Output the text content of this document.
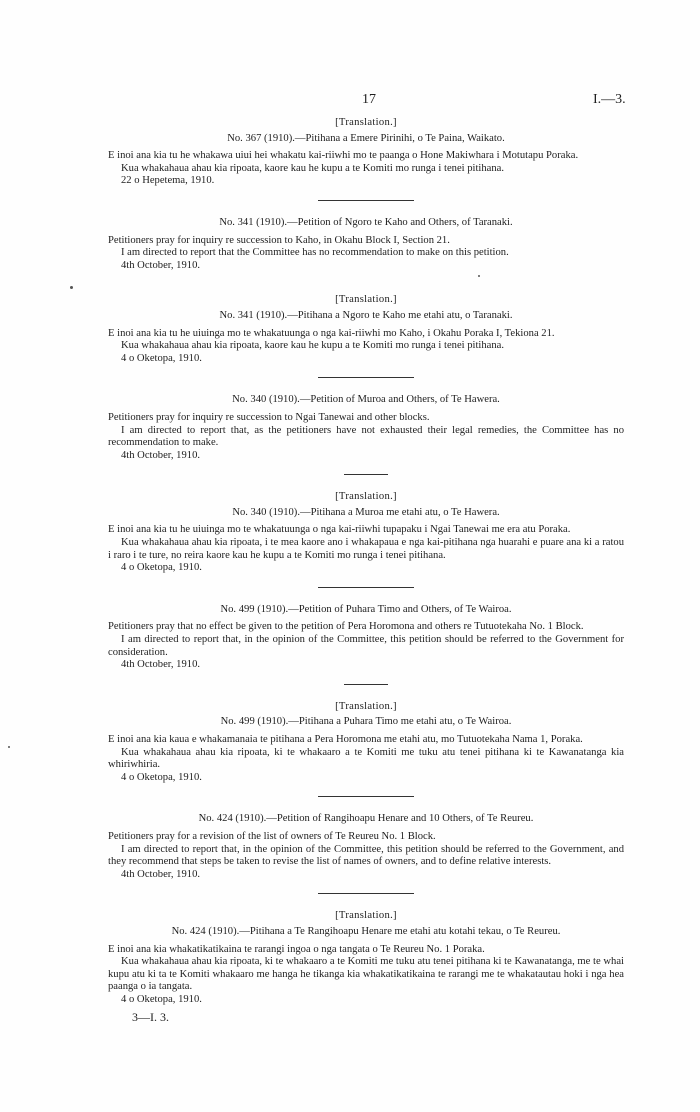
17	I.—3.
[Translation.]
No. 367 (1910).—Pitihana a Emere Pirinihi, o Te Paina, Waikato.

E inoi ana kia tu he whakawa uiui hei whakatu kai-riiwhi mo te paanga o Hone Makiwhara i Motutapu Poraka.

Kua whakahaua ahau kia ripoata, kaore kau he kupu a te Komiti mo runga i tenei pitihana.

22 o Hepetema, 1910.

No. 341 (1910).—Petition of Ngoro te Kaho and Others, of Taranaki.

Petitioners pray for inquiry re succession to Kaho, in Okahu Block I, Section 21.

I am directed to report that the Committee has no recommendation to make on this petition.

4th October, 1910.

[Translation.]
No. 341 (1910).—Pitihana a Ngoro te Kaho me etahi atu, o Taranaki.

E inoi ana kia tu he uiuinga mo te whakatuunga o nga kai-riiwhi mo Kaho, i Okahu Poraka I, Tekiona 21.

Kua whakahaua ahau kia ripoata, kaore kau he kupu a te Komiti mo runga i tenei pitihana.

4 o Oketopa, 1910.

No. 340 (1910).—Petition of Muroa and Others, of Te Hawera.

Petitioners pray for inquiry re succession to Ngai Tanewai and other blocks.

I am directed to report that, as the petitioners have not exhausted their legal remedies, the Committee has no recommendation to make.

4th October, 1910.

[Translation.]
No. 340 (1910).—Pitihana a Muroa me etahi atu, o Te Hawera.

E inoi ana kia tu he uiuinga mo te whakatuunga o nga kai-riiwhi tupapaku i Ngai Tanewai me era atu Poraka.

Kua whakahaua ahau kia ripoata, i te mea kaore ano i whakapaua e nga kai-pitihana nga huarahi e puare ana ki a ratou i raro i te ture, no reira kaore kau he kupu a te Komiti mo runga i tenei pitihana.

4 o Oketopa, 1910.

No. 499 (1910).—Petition of Puhara Timo and Others, of Te Wairoa.

Petitioners pray that no effect be given to the petition of Pera Horomona and others re Tutuotekaha No. 1 Block.

I am directed to report that, in the opinion of the Committee, this petition should be referred to the Government for consideration.

4th October, 1910.

[Translation.]
No. 499 (1910).—Pitihana a Puhara Timo me etahi atu, o Te Wairoa.

E inoi ana kia kaua e whakamanaia te pitihana a Pera Horomona me etahi atu, mo Tutuotekaha Nama 1, Poraka.

Kua whakahaua ahau kia ripoata, ki te whakaaro a te Komiti me tuku atu tenei pitihana ki te Kawanatanga kia whiriwhiria.

4 o Oketopa, 1910.

No. 424 (1910).—Petition of Rangihoapu Henare and 10 Others, of Te Reureu.

Petitioners pray for a revision of the list of owners of Te Reureu No. 1 Block.

I am directed to report that, in the opinion of the Committee, this petition should be referred to the Government, and they recommend that steps be taken to revise the list of names of owners, and to define relative interests.

4th October, 1910.

[Translation.]
No. 424 (1910).—Pitihana a Te Rangihoapu Henare me etahi atu kotahi tekau, o Te Reureu.

E inoi ana kia whakatikatikaina te rarangi ingoa o nga tangata o Te Reureu No. 1 Poraka.

Kua whakahaua ahau kia ripoata, ki te whakaaro a te Komiti me tuku atu tenei pitihana ki te Kawanatanga, me te whai kupu atu ki ta te Komiti whakaaro me hanga he tikanga kia whakatikatikaina te rarangi me te whakatautau hoki i nga hea paanga o ia tangata.

4 o Oketopa, 1910.

3—I. 3.
